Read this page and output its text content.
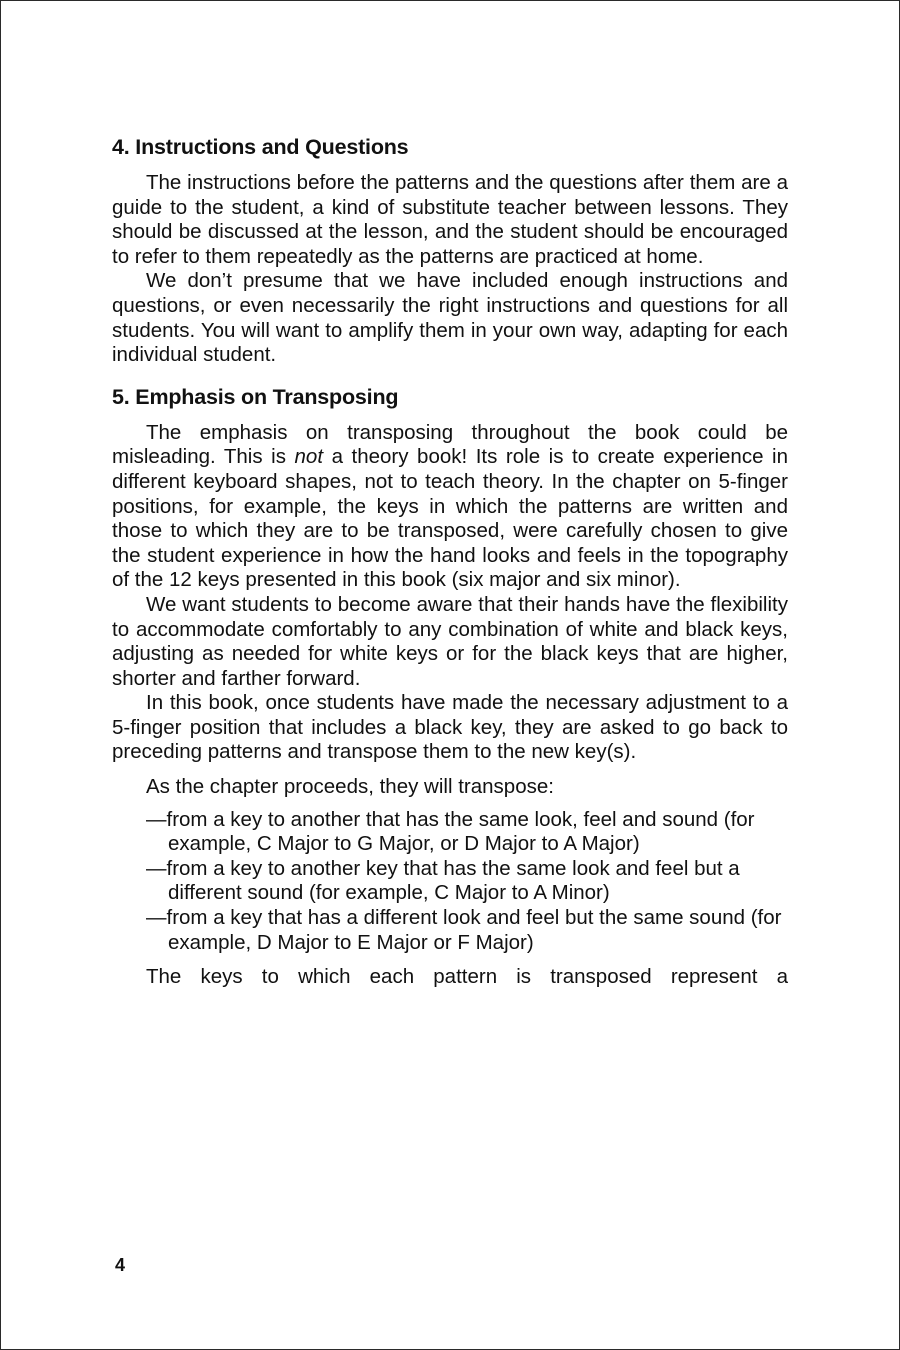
4. Instructions and Questions

The instructions before the patterns and the questions after them are a guide to the student, a kind of substitute teacher between lessons. They should be discussed at the lesson, and the student should be encouraged to refer to them repeatedly as the patterns are practiced at home.

We don’t presume that we have included enough instructions and questions, or even necessarily the right instructions and questions for all students. You will want to amplify them in your own way, adapting for each individual student.

5. Emphasis on Transposing

The emphasis on transposing throughout the book could be misleading. This is not a theory book! Its role is to create experience in different keyboard shapes, not to teach theory. In the chapter on 5-finger positions, for example, the keys in which the patterns are written and those to which they are to be transposed, were carefully chosen to give the student experience in how the hand looks and feels in the topography of the 12 keys presented in this book (six major and six minor).

We want students to become aware that their hands have the flexibility to accommodate comfortably to any combination of white and black keys, adjusting as needed for white keys or for the black keys that are higher, shorter and farther forward.

In this book, once students have made the necessary adjustment to a 5-finger position that includes a black key, they are asked to go back to preceding patterns and transpose them to the new key(s).

As the chapter proceeds, they will transpose:
—from a key to another that has the same look, feel and sound (for example, C Major to G Major, or D Major to A Major)
—from a key to another key that has the same look and feel but a different sound (for example, C Major to A Minor)
—from a key that has a different look and feel but the same sound (for example, D Major to E Major or F Major)
The keys to which each pattern is transposed represent a
4
